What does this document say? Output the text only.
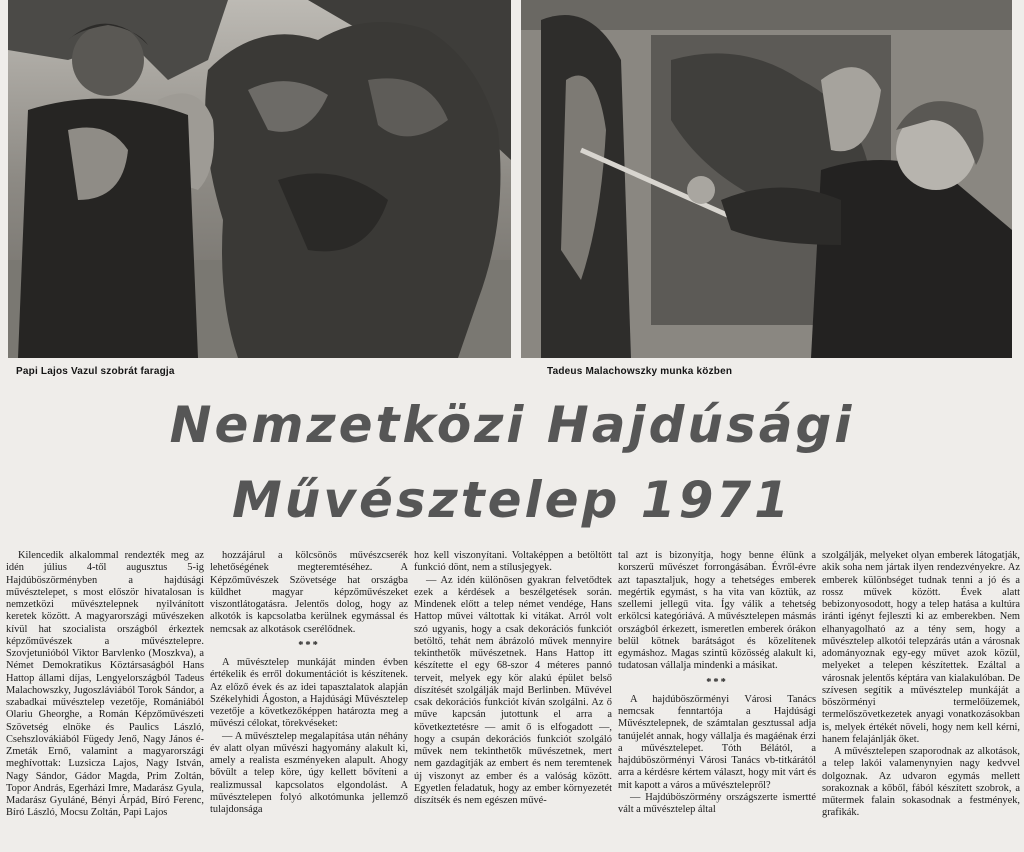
Papi Lajos Vazul szobrát faragja	Tadeus Malachowszky munka közben
Nemzetközi Hajdúsági
Művésztelep 1971

Kilencedik alkalommal rendezték meg az idén július 4-től augusztus 5-ig Hajdúböszörményben a hajdúsági művésztelepet, s most először hivatalosan is nemzetközi művésztelepnek nyilvánított keretek között. A magyarországi művészeken kívül hat szocialista országból érkeztek képzőművészek a művésztelepre. Szovjetunióból Viktor Barvlenko (Moszkva), a Német Demokratikus Köztársaságból Hans Hattop állami díjas, Lengyelországból Tadeus Malachowszky, Jugoszláviából Torok Sándor, a szabadkai művésztelep vezetője, Romániából Olariu Gheorghe, a Román Képzőművészeti Szövetség elnöke és Paulics László, Csehszlovákiából Fügedy Jenő, Nagy János é- Zmeták Ernő, valamint a magyarországi meghívottak: Luzsicza Lajos, Nagy István, Nagy Sándor, Gádor Magda, Prim Zoltán, Topor András, Egerházi Imre, Madarász Gyula, Madarász Gyuláné, Bényi Árpád, Bíró Ferenc, Bíró László, Mocsu Zoltán, Papi Lajos

hozzájárul a kölcsönös művészcserék lehetőségének megteremtéséhez. A Képzőművészek Szövetsége hat országba küldhet magyar képzőművészeket viszontlátogatásra. Jelentős dolog, hogy az alkotók is kapcsolatba kerülnek egymással és nemcsak az alkotások cserélődnek.

***

A művésztelep munkáját minden évben értékelik és erről dokumentációt is készítenek. Az előző évek és az idei tapasztalatok alapján Székelyhidi Ágoston, a Hajdúsági Művésztelep vezetője a következőképpen határozta meg a művészi célokat, törekvéseket:

— A művésztelep megalapítása után néhány év alatt olyan művészi hagyomány alakult ki, amely a realista eszményeken alapult. Ahogy bővült a telep köre, úgy kellett bővíteni a realizmussal kapcsolatos elgondolást. A művésztelepen folyó alkotómunka jellemző tulajdonsága

hoz kell viszonyítani. Voltaképpen a betöltött funkció dönt, nem a stílusjegyek.

— Az idén különösen gyakran felvetődtek ezek a kérdések a beszélgetések során. Mindenek előtt a telep német vendége, Hans Hattop művei váltottak ki vitákat. Arról volt szó ugyanis, hogy a csak dekorációs funkciót betöltő, tehát nem ábrázoló művek mennyire tekinthetők művészetnek. Hans Hattop itt készítette el egy 68-szor 4 méteres pannó terveit, melyek egy kör alakú épület belső díszítését szolgálják majd Berlinben. Művével csak dekorációs funkciót kíván szolgálni. Az ő műve kapcsán jutottunk el arra a következtetésre — amit ő is elfogadott —, hogy a csupán dekorációs funkciót szolgáló művek nem tekinthetők művészetnek, mert nem gazdagítják az embert és nem teremtenek új viszonyt az ember és a valóság között. Egyetlen feladatuk, hogy az ember környezetét díszítsék és nem egészen művé-

tal azt is bizonyítja, hogy benne élünk a korszerű művészet forrongásában. Évről-évre azt tapasztaljuk, hogy a tehetséges emberek megértik egymást, s ha vita van köztük, az szellemi jellegű vita. Így válik a tehetség erkölcsi kategóriává. A művésztelepen másmás országból érkezett, ismeretlen emberek órákon belül kötnek barátságot és közelítenek egymáshoz. Magas szintű közösség alakult ki, tudatosan vállalja mindenki a másikat.

***

A hajdúböszörményi Városi Tanács nemcsak fenntartója a Hajdúsági Művésztelepnek, de számtalan gesztussal adja tanújelét annak, hogy vállalja és magáénak érzi a művésztelepet. Tóth Bélától, a hajdúböszörményi Városi Tanács vb-titkárától arra a kérdésre kértem választ, hogy mit várt és mit kapott a város a művésztelepről?

— Hajdúböszörmény országszerte ismertté vált a művésztelep által

szolgálják, melyeket olyan emberek látogatják, akik soha nem jártak ilyen rendezvényekre. Az emberek különbséget tudnak tenni a jó és a rossz művek között. Évek alatt bebizonyosodott, hogy a telep hatása a kultúra iránti igényt fejleszti ki az emberekben. Nem elhanyagolható az a tény sem, hogy a művésztelep alkotói telepzárás után a városnak adományoznak egy-egy művet azok közül, melyeket a telepen készítettek. Ezáltal a városnak jelentős képtára van kialakulóban. De szívesen segítik a művésztelep munkáját a böszörményi termelőüzemek, termelőszövetkezetek anyagi vonatkozásokban is, melyek értékét növeli, hogy nem kell kérni, hanem felajánlják őket.

A művésztelepen szaporodnak az alkotások, a telep lakói valamenynyien nagy kedvvel dolgoznak. Az udvaron egymás mellett sorakoznak a kőből, fából készített szobrok, a műtermek falain sokasodnak a festmények, grafikák.
